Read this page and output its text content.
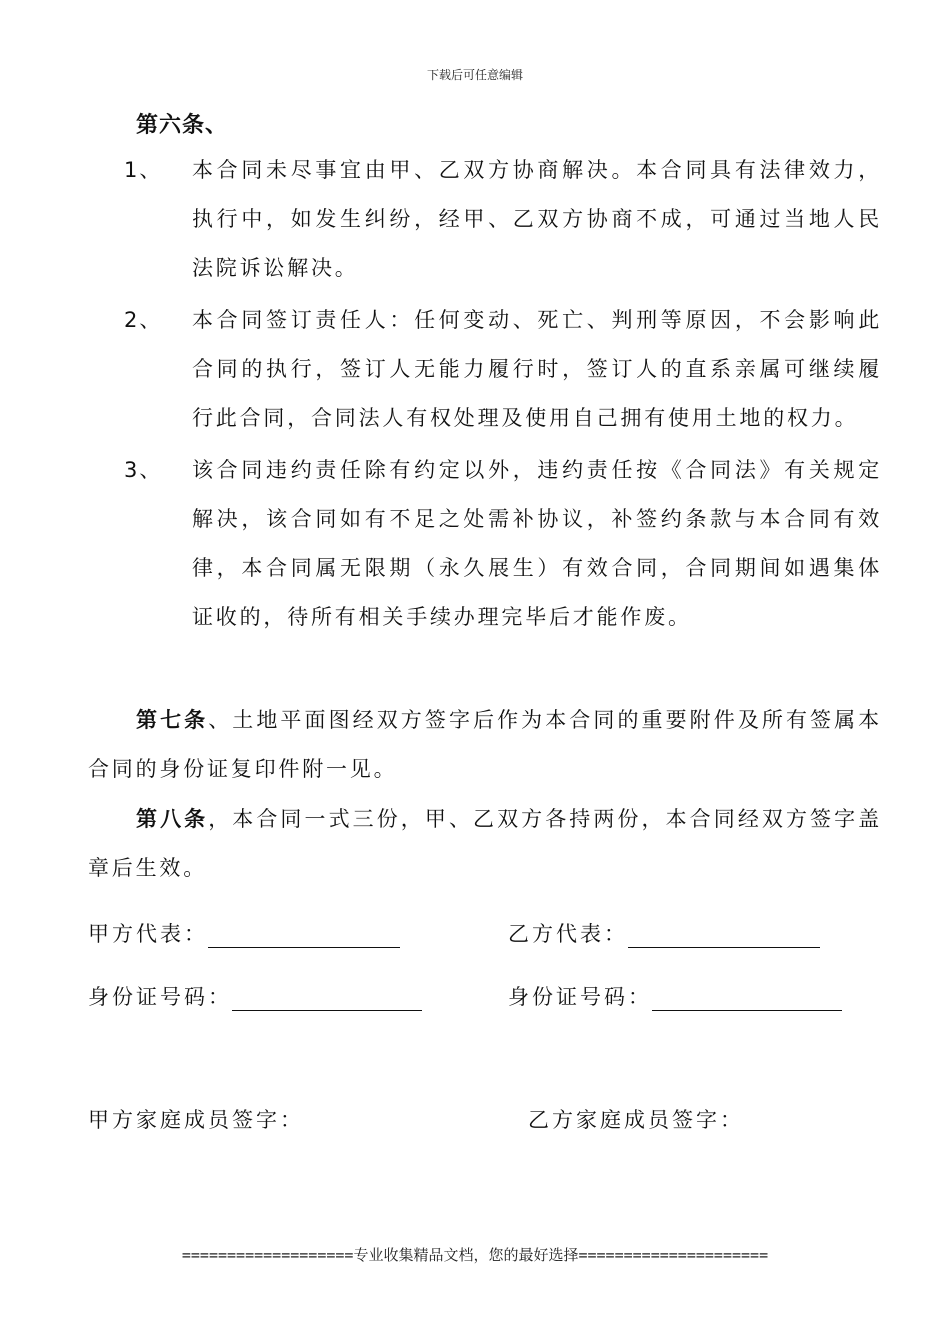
下载后可任意编辑
第六条、
1、 本合同未尽事宜由甲、乙双方协商解决。本合同具有法律效力，执行中，如发生纠纷，经甲、乙双方协商不成，可通过当地人民法院诉讼解决。
2、 本合同签订责任人：任何变动、死亡、判刑等原因，不会影响此合同的执行，签订人无能力履行时，签订人的直系亲属可继续履行此合同，合同法人有权处理及使用自己拥有使用土地的权力。
3、 该合同违约责任除有约定以外，违约责任按《合同法》有关规定解决，该合同如有不足之处需补协议，补签约条款与本合同有效律，本合同属无限期（永久展生）有效合同，合同期间如遇集体证收的，待所有相关手续办理完毕后才能作废。
第七条、土地平面图经双方签字后作为本合同的重要附件及所有签属本合同的身份证复印件附一见。
第八条，本合同一式三份，甲、乙双方各持两份，本合同经双方签字盖章后生效。
甲方代表：	乙方代表：
身份证号码：	身份证号码：
甲方家庭成员签字：	乙方家庭成员签字：
===================专业收集精品文档，您的最好选择=====================
